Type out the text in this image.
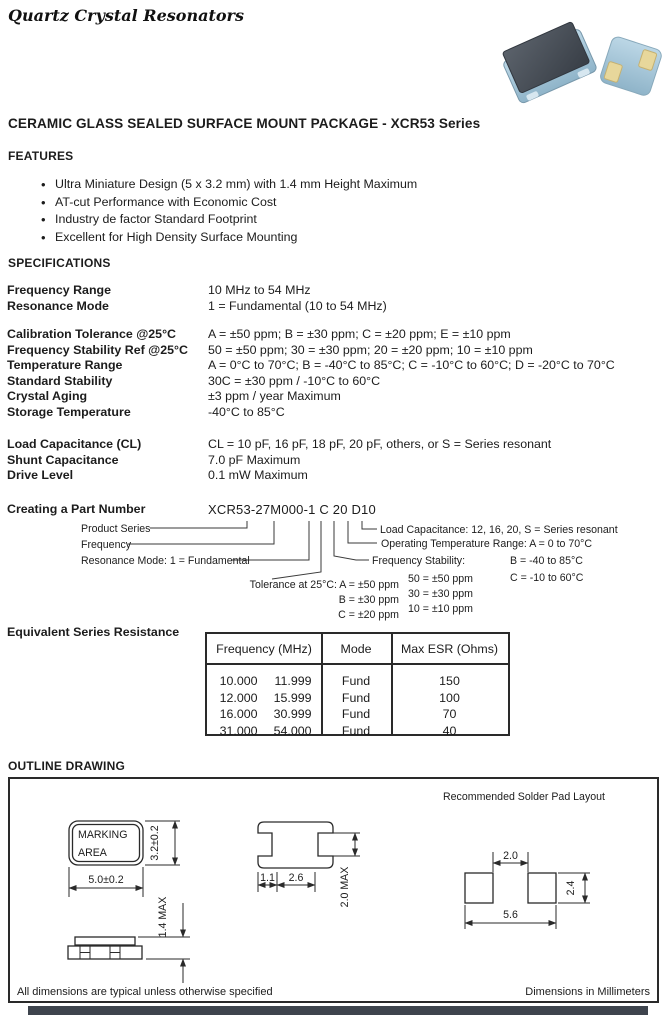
Quartz Crystal Resonators
CERAMIC GLASS SEALED SURFACE MOUNT PACKAGE - XCR53 Series
FEATURES
• Ultra Miniature Design (5 x 3.2 mm) with 1.4 mm Height Maximum
• AT-cut Performance with Economic Cost
• Industry de factor Standard Footprint
• Excellent for High Density Surface Mounting
SPECIFICATIONS
Frequency Range	10 MHz to 54 MHz
Resonance Mode	1 = Fundamental (10 to 54 MHz)
Calibration Tolerance @25°C	A = ±50 ppm; B = ±30 ppm; C = ±20 ppm; E = ±10 ppm
Frequency Stability Ref @25°C	50 = ±50 ppm; 30 = ±30 ppm; 20 = ±20 ppm; 10 = ±10 ppm
Temperature Range	A = 0°C to 70°C; B = -40°C to 85°C; C = -10°C to 60°C; D = -20°C to 70°C
Standard Stability	30C = ±30 ppm / -10°C to 60°C
Crystal Aging	±3 ppm / year Maximum
Storage Temperature	-40°C to 85°C
Load Capacitance (CL)	CL = 10 pF, 16 pF, 18 pF, 20 pF, others, or S = Series resonant
Shunt Capacitance	7.0 pF Maximum
Drive Level	0.1 mW Maximum
Creating a Part Number	XCR53-27M000-1 C 20 D10
Product Series
Frequency
Resonance Mode: 1 = Fundamental
Tolerance at 25°C: A = ±50 ppm
B = ±30 ppm
C = ±20 ppm
Frequency Stability:
50 = ±50 ppm
30 = ±30 ppm
10 = ±10 ppm
Operating Temperature Range: A = 0 to 70°C
B = -40 to 85°C
C = -10 to 60°C
Load Capacitance: 12, 16, 20, S = Series resonant
Equivalent Series Resistance
Frequency (MHz)	Mode	Max ESR (Ohms)
10.000	11.999	Fund	150
12.000 15.999	Fund	100
16.000 30.999	Fund	70
31.000 54.000	Fund	40
OUTLINE DRAWING
Recommended Solder Pad Layout
MARKING
AREA	3.2±0.2
5.0±0.2
1.4 MAX
1.1 2.6	2.0 MAX
2.0
5.6
2.4
All dimensions are typical unless otherwise specified	Dimensions in Millimeters
